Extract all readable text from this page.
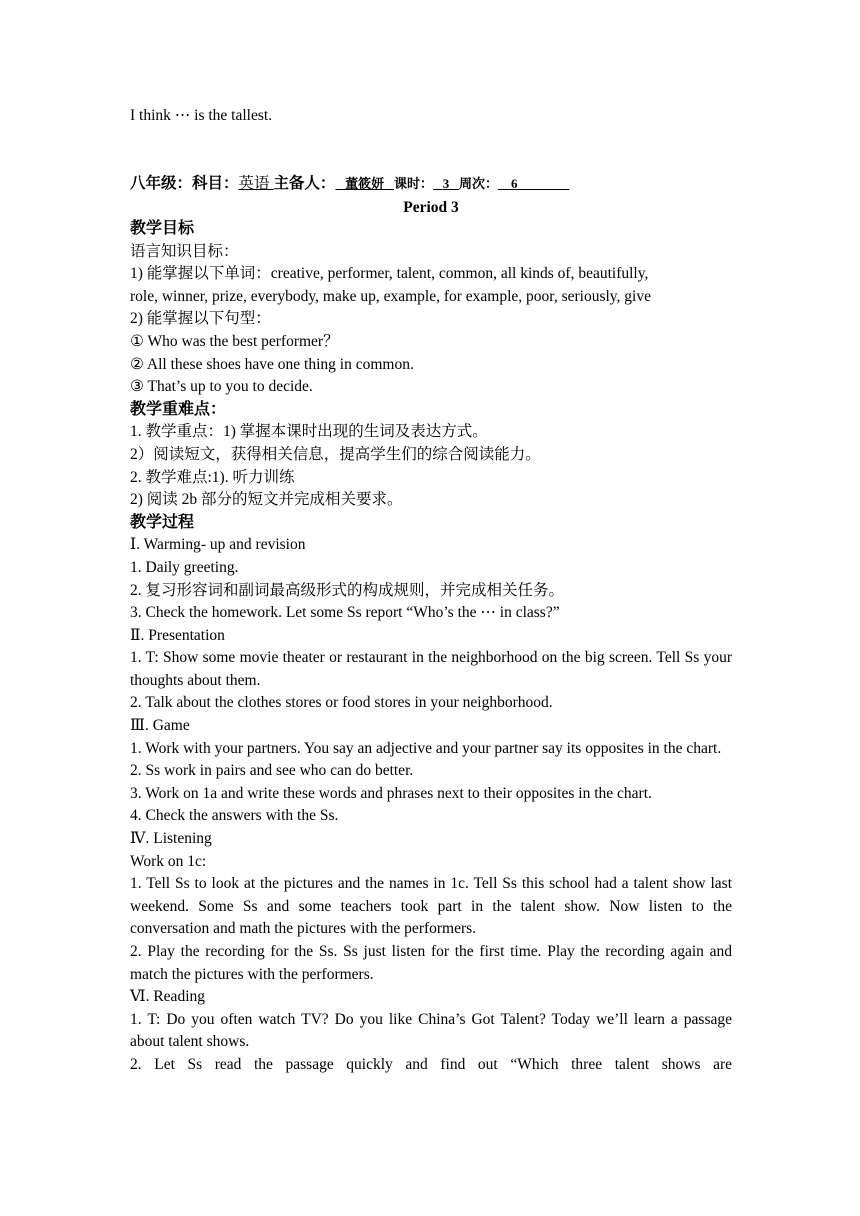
I think ⋯ is the tallest.
八年级：科目：英语 主备人： 董筱妍 课时： 3 周次： 6
Period 3
教学目标
语言知识目标：
1) 能掌握以下单词：creative, performer, talent, common, all kinds of, beautifully,
role, winner, prize, everybody, make up, example, for example, poor, seriously, give
2) 能掌握以下句型：
① Who was the best performer？
② All these shoes have one thing in common.
③ That’s up to you to decide.
教学重难点：
1. 教学重点：1) 掌握本课时出现的生词及表达方式。
2）阅读短文，获得相关信息，提高学生们的综合阅读能力。
2. 教学难点:1). 听力训练
2) 阅读 2b 部分的短文并完成相关要求。
教学过程
Ⅰ. Warming- up and revision
1. Daily greeting.
2. 复习形容词和副词最高级形式的构成规则，并完成相关任务。
3. Check the homework. Let some Ss report “Who’s the ⋯ in class?”
Ⅱ. Presentation
1. T: Show some movie theater or restaurant in the neighborhood on the big screen. Tell Ss your thoughts about them.
2. Talk about the clothes stores or food stores in your neighborhood.
Ⅲ. Game
1. Work with your partners. You say an adjective and your partner say its opposites in the chart.
2. Ss work in pairs and see who can do better.
3. Work on 1a and write these words and phrases next to their opposites in the chart.
4. Check the answers with the Ss.
Ⅳ. Listening
Work on 1c:
1. Tell Ss to look at the pictures and the names in 1c. Tell Ss this school had a talent show last weekend. Some Ss and some teachers took part in the talent show. Now listen to the conversation and math the pictures with the performers.
2. Play the recording for the Ss. Ss just listen for the first time. Play the recording again and match the pictures with the performers.
Ⅵ. Reading
1. T: Do you often watch TV? Do you like China’s Got Talent? Today we’ll learn a passage about talent shows.
2. Let Ss read the passage quickly and find out “Which three talent shows are
